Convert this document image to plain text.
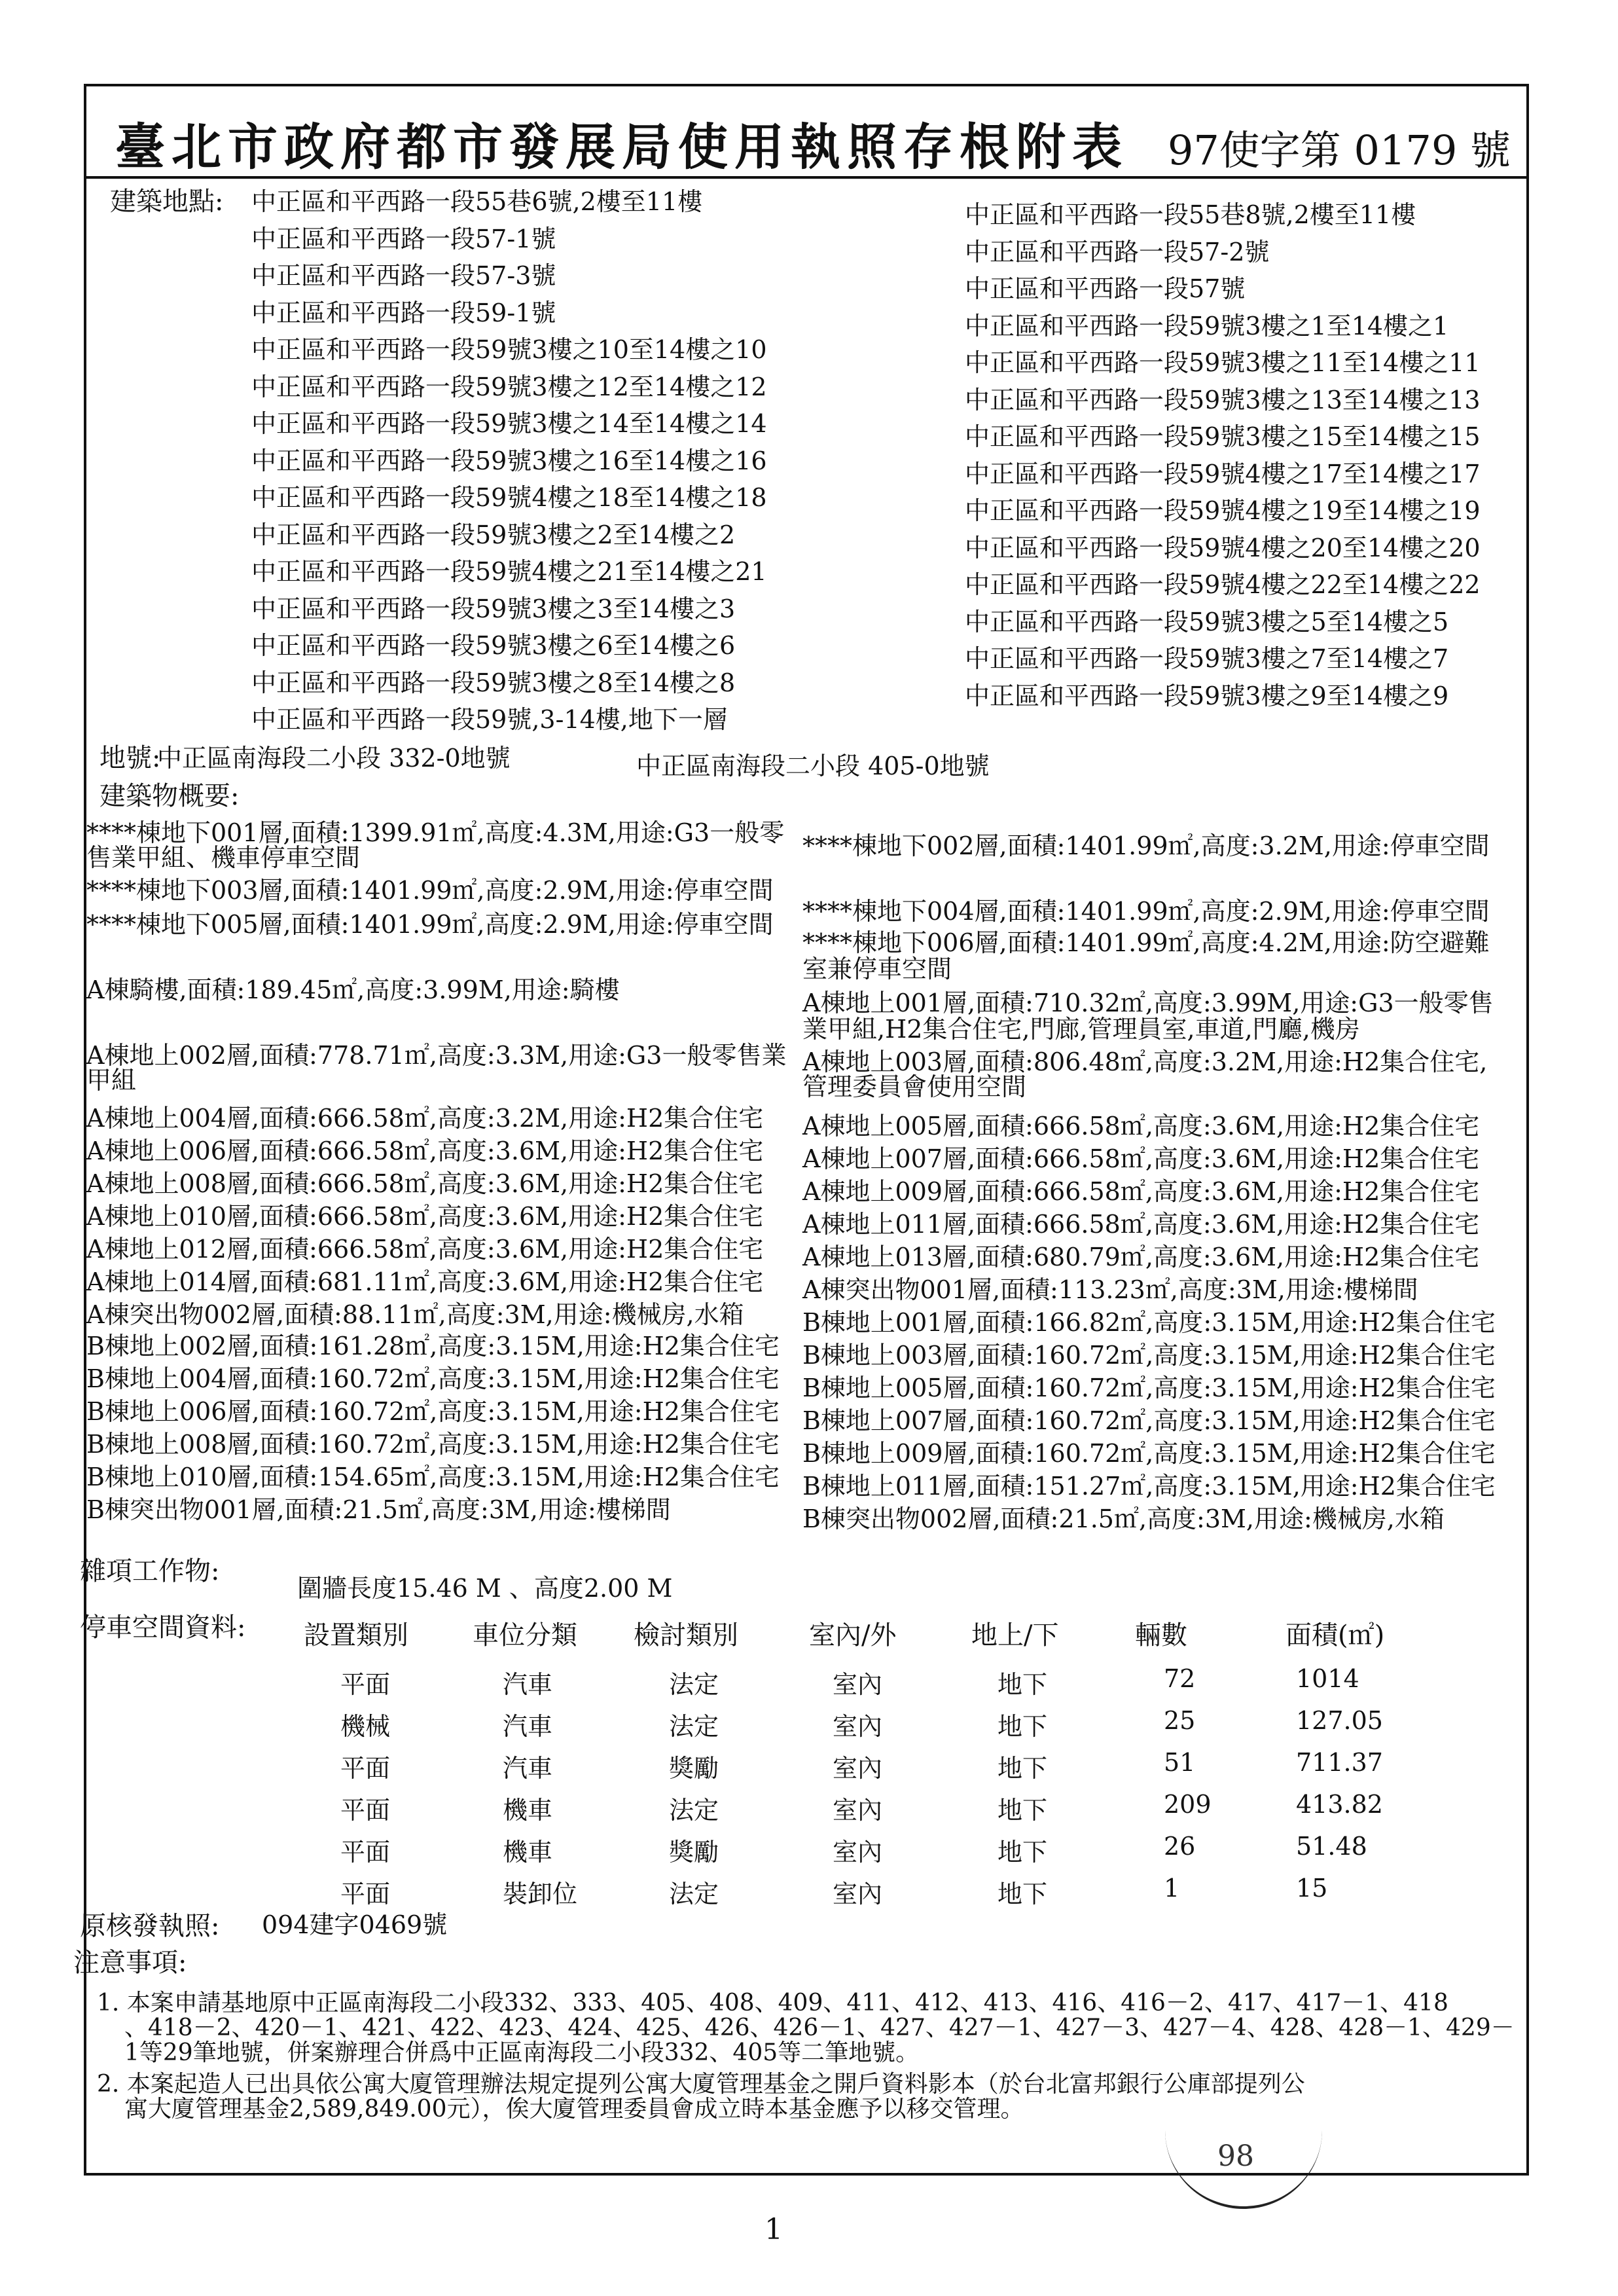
臺北市政府都市發展局使用執照存根附表 97使字第 0179 號
建築地點: 中正區和平西路一段55巷6號,2樓至11樓
中正區和平西路一段57-1號
中正區和平西路一段57-3號
中正區和平西路一段59-1號
中正區和平西路一段59號3樓之10至14樓之10
中正區和平西路一段59號3樓之12至14樓之12
中正區和平西路一段59號3樓之14至14樓之14
中正區和平西路一段59號3樓之16至14樓之16
中正區和平西路一段59號4樓之18至14樓之18
中正區和平西路一段59號3樓之2至14樓之2
中正區和平西路一段59號4樓之21至14樓之21
中正區和平西路一段59號3樓之3至14樓之3
中正區和平西路一段59號3樓之6至14樓之6
中正區和平西路一段59號3樓之8至14樓之8
中正區和平西路一段59號,3-14樓,地下一層
中正區和平西路一段55巷8號,2樓至11樓
中正區和平西路一段57-2號
中正區和平西路一段57號
中正區和平西路一段59號3樓之1至14樓之1
中正區和平西路一段59號3樓之11至14樓之11
中正區和平西路一段59號3樓之13至14樓之13
中正區和平西路一段59號3樓之15至14樓之15
中正區和平西路一段59號4樓之17至14樓之17
中正區和平西路一段59號4樓之19至14樓之19
中正區和平西路一段59號4樓之20至14樓之20
中正區和平西路一段59號4樓之22至14樓之22
中正區和平西路一段59號3樓之5至14樓之5
中正區和平西路一段59號3樓之7至14樓之7
中正區和平西路一段59號3樓之9至14樓之9
地號:
中正區南海段二小段 332-0地號	中正區南海段二小段 405-0地號
建築物概要:
****棟地下001層,面積:1399.91㎡,高度:4.3M,用途:G3一般零
售業甲組、機車停車空間
****棟地下003層,面積:1401.99㎡,高度:2.9M,用途:停車空間
****棟地下005層,面積:1401.99㎡,高度:2.9M,用途:停車空間
A棟騎樓,面積:189.45㎡,高度:3.99M,用途:騎樓
A棟地上002層,面積:778.71㎡,高度:3.3M,用途:G3一般零售業
甲組
A棟地上004層,面積:666.58㎡,高度:3.2M,用途:H2集合住宅
A棟地上006層,面積:666.58㎡,高度:3.6M,用途:H2集合住宅
A棟地上008層,面積:666.58㎡,高度:3.6M,用途:H2集合住宅
A棟地上010層,面積:666.58㎡,高度:3.6M,用途:H2集合住宅
A棟地上012層,面積:666.58㎡,高度:3.6M,用途:H2集合住宅
A棟地上014層,面積:681.11㎡,高度:3.6M,用途:H2集合住宅
A棟突出物002層,面積:88.11㎡,高度:3M,用途:機械房,水箱
B棟地上002層,面積:161.28㎡,高度:3.15M,用途:H2集合住宅
B棟地上004層,面積:160.72㎡,高度:3.15M,用途:H2集合住宅
B棟地上006層,面積:160.72㎡,高度:3.15M,用途:H2集合住宅
B棟地上008層,面積:160.72㎡,高度:3.15M,用途:H2集合住宅
B棟地上010層,面積:154.65㎡,高度:3.15M,用途:H2集合住宅
B棟突出物001層,面積:21.5㎡,高度:3M,用途:樓梯間
****棟地下002層,面積:1401.99㎡,高度:3.2M,用途:停車空間
****棟地下004層,面積:1401.99㎡,高度:2.9M,用途:停車空間
****棟地下006層,面積:1401.99㎡,高度:4.2M,用途:防空避難
室兼停車空間
A棟地上001層,面積:710.32㎡,高度:3.99M,用途:G3一般零售
業甲組,H2集合住宅,門廊,管理員室,車道,門廳,機房
A棟地上003層,面積:806.48㎡,高度:3.2M,用途:H2集合住宅,
管理委員會使用空間
A棟地上005層,面積:666.58㎡,高度:3.6M,用途:H2集合住宅
A棟地上007層,面積:666.58㎡,高度:3.6M,用途:H2集合住宅
A棟地上009層,面積:666.58㎡,高度:3.6M,用途:H2集合住宅
A棟地上011層,面積:666.58㎡,高度:3.6M,用途:H2集合住宅
A棟地上013層,面積:680.79㎡,高度:3.6M,用途:H2集合住宅
A棟突出物001層,面積:113.23㎡,高度:3M,用途:樓梯間
B棟地上001層,面積:166.82㎡,高度:3.15M,用途:H2集合住宅
B棟地上003層,面積:160.72㎡,高度:3.15M,用途:H2集合住宅
B棟地上005層,面積:160.72㎡,高度:3.15M,用途:H2集合住宅
B棟地上007層,面積:160.72㎡,高度:3.15M,用途:H2集合住宅
B棟地上009層,面積:160.72㎡,高度:3.15M,用途:H2集合住宅
B棟地上011層,面積:151.27㎡,高度:3.15M,用途:H2集合住宅
B棟突出物002層,面積:21.5㎡,高度:3M,用途:機械房,水箱
雜項工作物:
圍牆長度15.46 M 、高度2.00 M
停車空間資料: 設置類別 車位分類 檢討類別	室內/外	地上/下	輛數	面積(㎡)
平面	汽車	法定	室內	地下	72	1014
機械	汽車	法定	室內	地下	25	127.05
平面	汽車	獎勵	室內	地下	51	711.37
平面	機車	法定	室內	地下	209	413.82
平面	機車	獎勵	室內	地下	26	51.48
平面	裝卸位	法定	室內	地下	1	15
原核發執照: 094建字0469號
注意事項:
1. 本案申請基地原中正區南海段二小段332、333、405、408、409、411、412、413、416、416－2、417、417－1、418
、418－2、420－1、421、422、423、424、425、426、426－1、427、427－1、427－3、427－4、428、428－1、429－
1等29筆地號，併案辦理合併爲中正區南海段二小段332、405等二筆地號。
2. 本案起造人已出具依公寓大廈管理辦法規定提列公寓大廈管理基金之開戶資料影本（於台北富邦銀行公庫部提列公
寓大廈管理基金2,589,849.00元），俟大廈管理委員會成立時本基金應予以移交管理。
98
1
